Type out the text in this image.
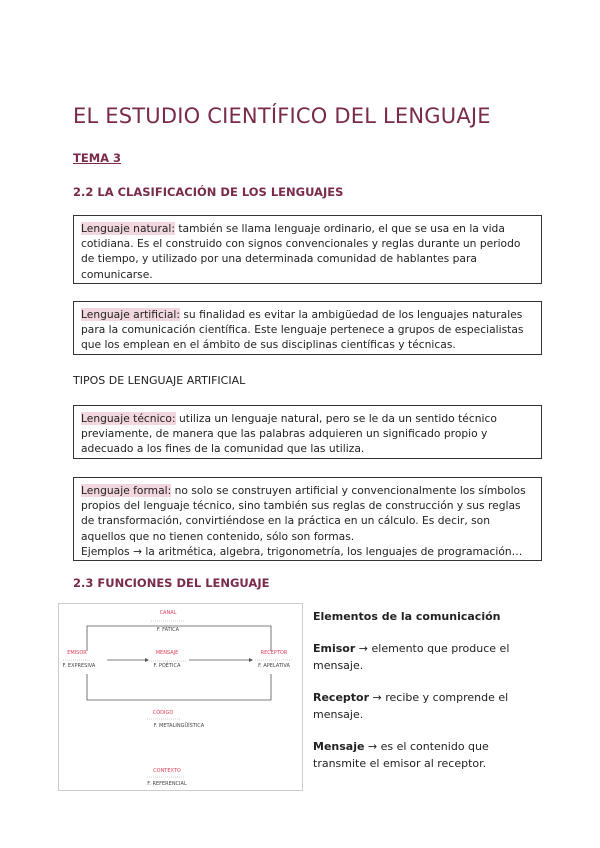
EL ESTUDIO CIENTÍFICO DEL LENGUAJE

TEMA 3

2.2 LA CLASIFICACIÓN DE LOS LENGUAJES

Lenguaje natural: también se llama lenguaje ordinario, el que se usa en la vida cotidiana. Es el construido con signos convencionales y reglas durante un periodo de tiempo, y utilizado por una determinada comunidad de hablantes para comunicarse.
Lenguaje artificial: su finalidad es evitar la ambigüedad de los lenguajes naturales para la comunicación científica. Este lenguaje pertenece a grupos de especialistas que los emplean en el ámbito de sus disciplinas científicas y técnicas.
TIPOS DE LENGUAJE ARTIFICIAL
Lenguaje técnico: utiliza un lenguaje natural, pero se le da un sentido técnico previamente, de manera que las palabras adquieren un significado propio y adecuado a los fines de la comunidad que las utiliza.
Lenguaje formal: no solo se construyen artificial y convencionalmente los símbolos propios del lenguaje técnico, sino también sus reglas de construcción y sus reglas de transformación, convirtiéndose en la práctica en un cálculo. Es decir, son aquellos que no tienen contenido, sólo son formas.
Ejemplos → la aritmética, algebra, trigonometría, los lenguajes de programación…

2.3 FUNCIONES DEL LENGUAJE

CANAL
F. FÁTICA
EMISOR
F. EXPRESIVA
MENSAJE
F. POÉTICA
RECEPTOR
F. APELATIVA
CÓDIGO
F. METALINGÜÍSTICA
CONTEXTO
F. REFERENCIAL
Elementos de la comunicación
Emisor → elemento que produce el mensaje.
Receptor → recibe y comprende el mensaje.
Mensaje → es el contenido que transmite el emisor al receptor.
